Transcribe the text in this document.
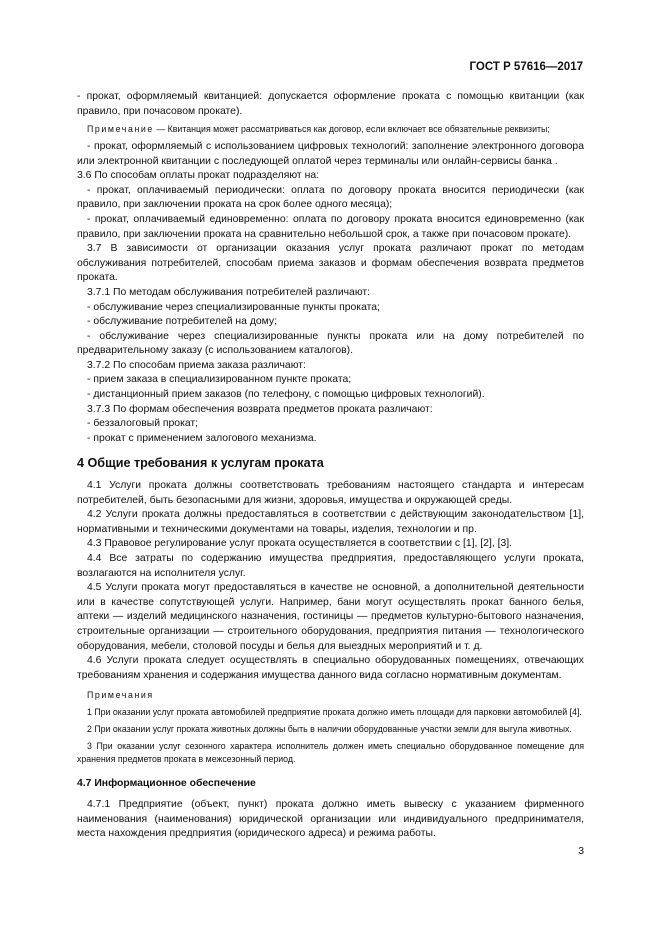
ГОСТ Р 57616—2017

- прокат, оформляемый квитанцией: допускается оформление проката с помощью квитанции (как правило, при почасовом прокате).

Примечание — Квитанция может рассматриваться как договор, если включает все обязательные реквизиты;

- прокат, оформляемый с использованием цифровых технологий: заполнение электронного договора или электронной квитанции с последующей оплатой через терминалы или онлайн-сервисы банка .

3.6 По способам оплаты прокат подразделяют на:

- прокат, оплачиваемый периодически: оплата по договору проката вносится периодически (как правило, при заключении проката на срок более одного месяца);

- прокат, оплачиваемый единовременно: оплата по договору проката вносится единовременно (как правило, при заключении проката на сравнительно небольшой срок, а также при почасовом прокате).

3.7 В зависимости от организации оказания услуг проката различают прокат по методам обслуживания потребителей, способам приема заказов и формам обеспечения возврата предметов проката.

3.7.1 По методам обслуживания потребителей различают:

- обслуживание через специализированные пункты проката;

- обслуживание потребителей на дому;

- обслуживание через специализированные пункты проката или на дому потребителей по предварительному заказу (с использованием каталогов).

3.7.2 По способам приема заказа различают:

- прием заказа в специализированном пункте проката;

- дистанционный прием заказов (по телефону, с помощью цифровых технологий).

3.7.3 По формам обеспечения возврата предметов проката различают:

- беззалоговый прокат;

- прокат с применением залогового механизма.

4 Общие требования к услугам проката

4.1 Услуги проката должны соответствовать требованиям настоящего стандарта и интересам потребителей, быть безопасными для жизни, здоровья, имущества и окружающей среды.

4.2 Услуги проката должны предоставляться в соответствии с действующим законодательством [1], нормативными и техническими документами на товары, изделия, технологии и пр.

4.3 Правовое регулирование услуг проката осуществляется в соответствии с [1], [2], [3].

4.4 Все затраты по содержанию имущества предприятия, предоставляющего услуги проката, возлагаются на исполнителя услуг.

4.5 Услуги проката могут предоставляться в качестве не основной, а дополнительной деятельности или в качестве сопутствующей услуги. Например, бани могут осуществлять прокат банного белья, аптеки — изделий медицинского назначения, гостиницы — предметов культурно-бытового назначения, строительные организации — строительного оборудования, предприятия питания — технологического оборудования, мебели, столовой посуды и белья для выездных мероприятий и т. д.

4.6 Услуги проката следует осуществлять в специально оборудованных помещениях, отвечающих требованиям хранения и содержания имущества данного вида согласно нормативным документам.

Примечания

1 При оказании услуг проката автомобилей предприятие проката должно иметь площади для парковки автомобилей [4].

2 При оказании услуг проката животных должны быть в наличии оборудованные участки земли для выгула животных.

3 При оказании услуг сезонного характера исполнитель должен иметь специально оборудованное помещение для хранения предметов проката в межсезонный период.

4.7 Информационное обеспечение

4.7.1 Предприятие (объект, пункт) проката должно иметь вывеску с указанием фирменного наименования (наименования) юридической организации или индивидуального предпринимателя, места нахождения предприятия (юридического адреса) и режима работы.

3
